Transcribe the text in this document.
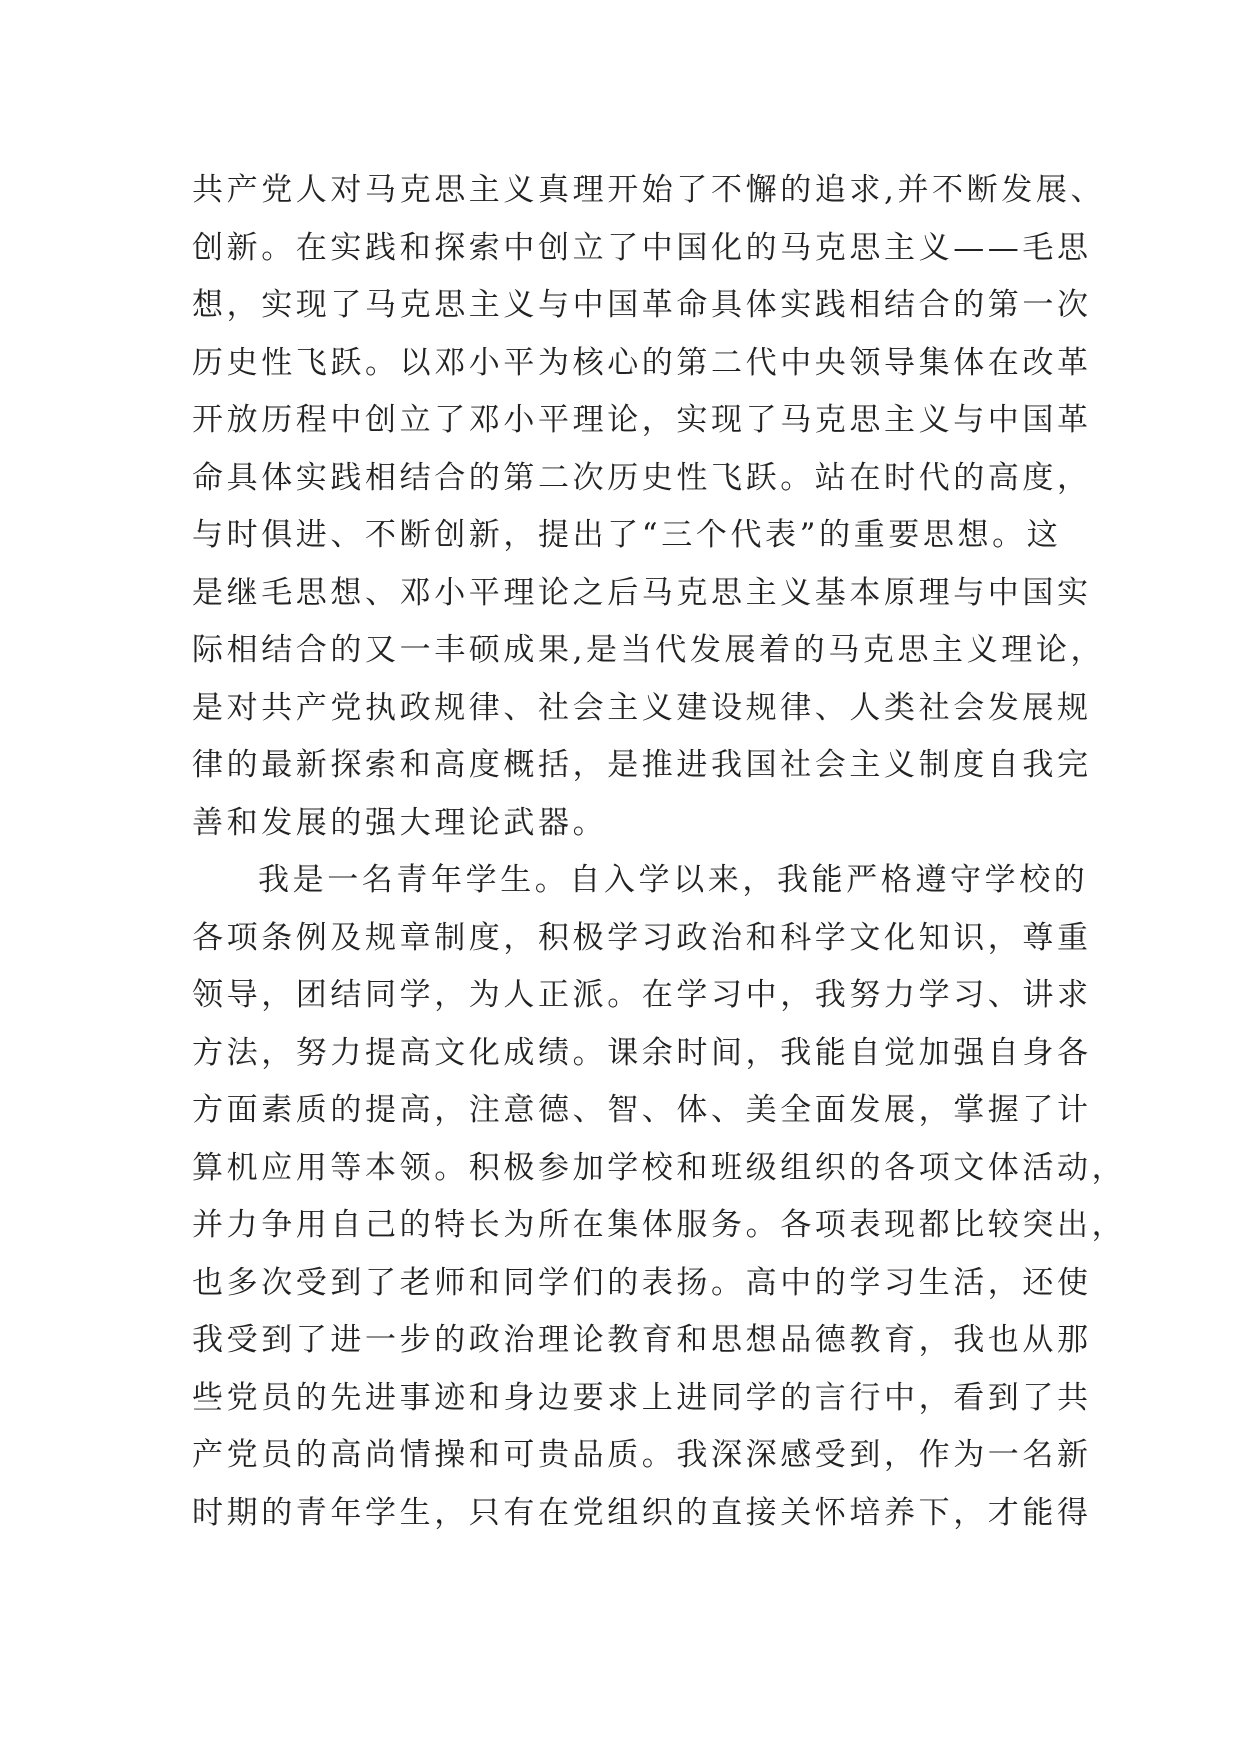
共产党人对马克思主义真理开始了不懈的追求,并不断发展、
创新。在实践和探索中创立了中国化的马克思主义——毛思
想，实现了马克思主义与中国革命具体实践相结合的第一次
历史性飞跃。以邓小平为核心的第二代中央领导集体在改革
开放历程中创立了邓小平理论，实现了马克思主义与中国革
命具体实践相结合的第二次历史性飞跃。站在时代的高度，
与时俱进、不断创新，提出了“三个代表”的重要思想。这
是继毛思想、邓小平理论之后马克思主义基本原理与中国实
际相结合的又一丰硕成果,是当代发展着的马克思主义理论，
是对共产党执政规律、社会主义建设规律、人类社会发展规
律的最新探索和高度概括，是推进我国社会主义制度自我完
善和发展的强大理论武器。
我是一名青年学生。自入学以来，我能严格遵守学校的
各项条例及规章制度，积极学习政治和科学文化知识，尊重
领导，团结同学，为人正派。在学习中，我努力学习、讲求
方法，努力提高文化成绩。课余时间，我能自觉加强自身各
方面素质的提高，注意德、智、体、美全面发展，掌握了计
算机应用等本领。积极参加学校和班级组织的各项文体活动，
并力争用自己的特长为所在集体服务。各项表现都比较突出，
也多次受到了老师和同学们的表扬。高中的学习生活，还使
我受到了进一步的政治理论教育和思想品德教育，我也从那
些党员的先进事迹和身边要求上进同学的言行中，看到了共
产党员的高尚情操和可贵品质。我深深感受到，作为一名新
时期的青年学生，只有在党组织的直接关怀培养下，才能得
